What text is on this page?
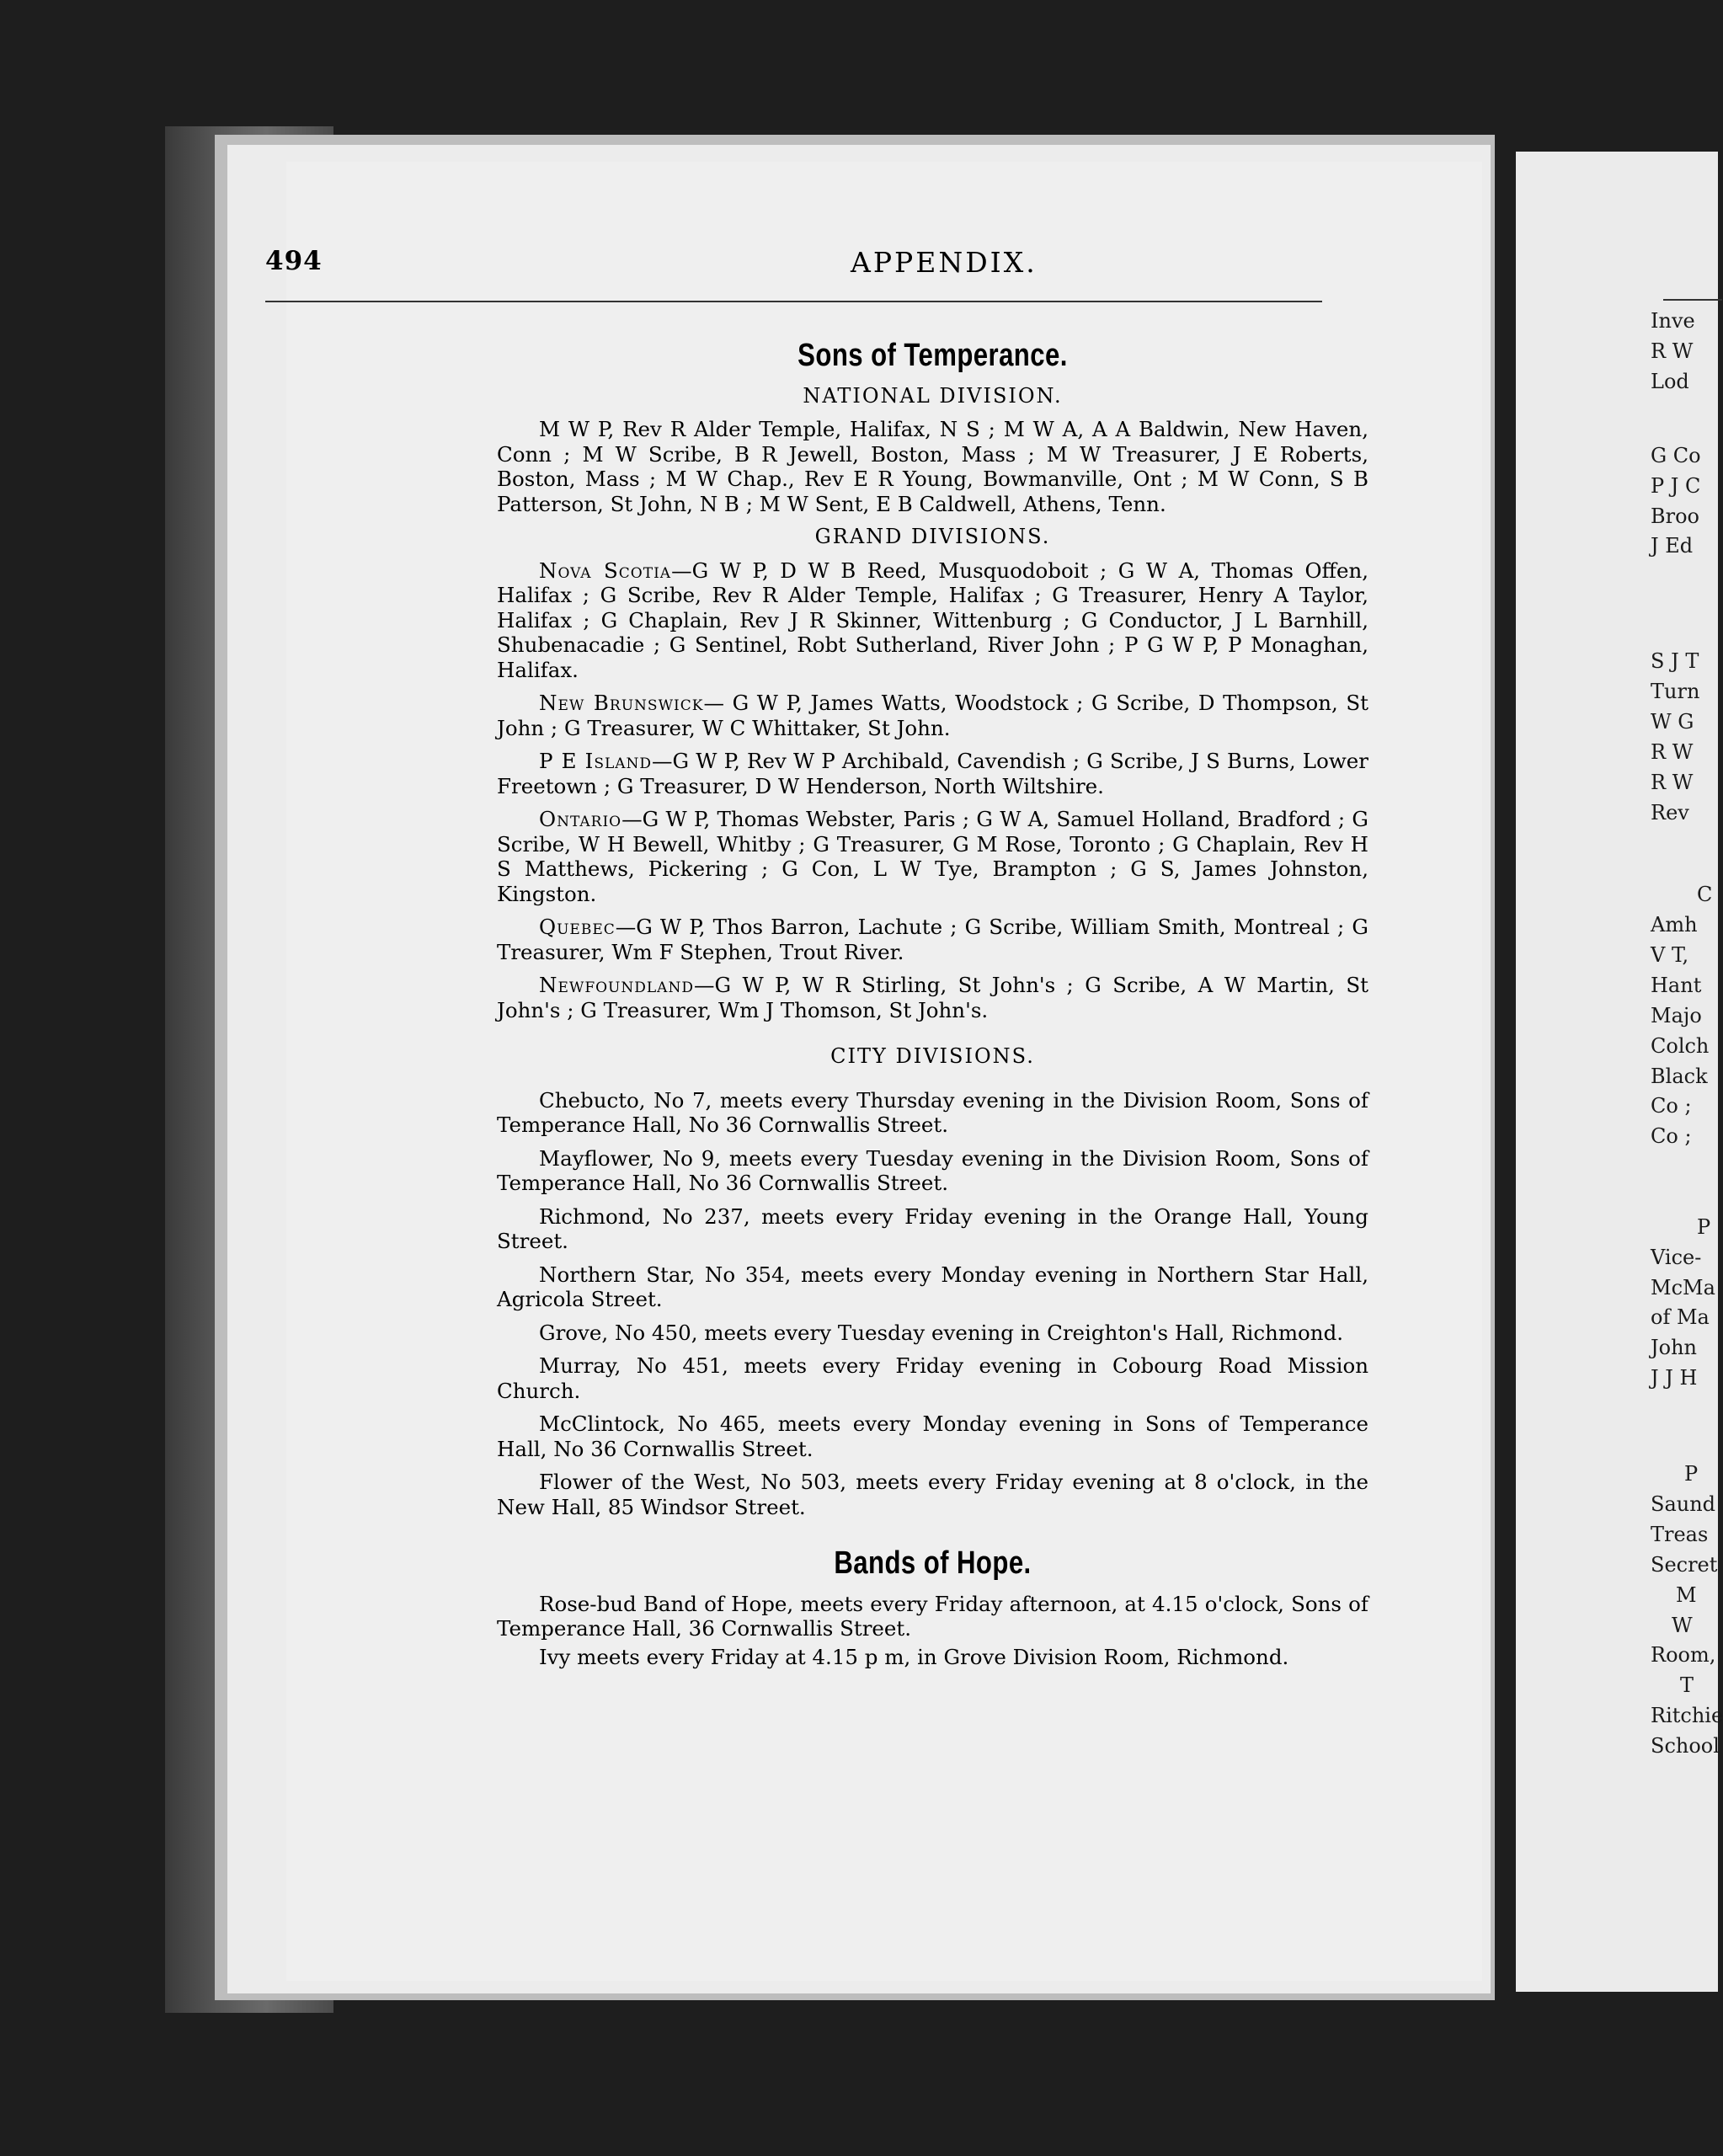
Inve
R W
Lod
G Co
P J C
Broo
J Ed
S J T
Turn
W G
R W
R W
Rev
C
Amh
V T,
Hant
Majo
Colch
Black
Co ;
Co ;
P
Vice-
McMa
of Ma
John
J J H
P
Saund
Treas
Secret
M
W
Room,
T
Ritchie
School
494	APPENDIX.
Sons of Temperance.
NATIONAL DIVISION.

M W P, Rev R Alder Temple, Halifax, N S ; M W A, A A Baldwin, New Haven, Conn ; M W Scribe, B R Jewell, Boston, Mass ; M W Treasurer, J E Roberts, Boston, Mass ; M W Chap., Rev E R Young, Bowmanville, Ont ; M W Conn, S B Patterson, St John, N B ; M W Sent, E B Caldwell, Athens, Tenn.

GRAND DIVISIONS.

Nova Scotia—G W P, D W B Reed, Musquodoboit ; G W A, Thomas Offen, Halifax ; G Scribe, Rev R Alder Temple, Halifax ; G Treasurer, Henry A Taylor, Halifax ; G Chaplain, Rev J R Skinner, Wittenburg ; G Conductor, J L Barnhill, Shubenacadie ; G Sentinel, Robt Sutherland, River John ; P G W P, P Monaghan, Halifax.

New Brunswick— G W P, James Watts, Woodstock ; G Scribe, D Thompson, St John ; G Treasurer, W C Whittaker, St John.

P E Island—G W P, Rev W P Archibald, Cavendish ; G Scribe, J S Burns, Lower Freetown ; G Treasurer, D W Henderson, North Wiltshire.

Ontario—G W P, Thomas Webster, Paris ; G W A, Samuel Holland, Bradford ; G Scribe, W H Bewell, Whitby ; G Treasurer, G M Rose, Toronto ; G Chaplain, Rev H S Matthews, Pickering ; G Con, L W Tye, Brampton ; G S, James Johnston, Kingston.

Quebec—G W P, Thos Barron, Lachute ; G Scribe, William Smith, Montreal ; G Treasurer, Wm F Stephen, Trout River.

Newfoundland—G W P, W R Stirling, St John's ; G Scribe, A W Martin, St John's ; G Treasurer, Wm J Thomson, St John's.

CITY DIVISIONS.

Chebucto, No 7, meets every Thursday evening in the Division Room, Sons of Temperance Hall, No 36 Cornwallis Street.

Mayflower, No 9, meets every Tuesday evening in the Division Room, Sons of Temperance Hall, No 36 Cornwallis Street.

Richmond, No 237, meets every Friday evening in the Orange Hall, Young Street.

Northern Star, No 354, meets every Monday evening in Northern Star Hall, Agricola Street.

Grove, No 450, meets every Tuesday evening in Creighton's Hall, Richmond.

Murray, No 451, meets every Friday evening in Cobourg Road Mission Church.

McClintock, No 465, meets every Monday evening in Sons of Temperance Hall, No 36 Cornwallis Street.

Flower of the West, No 503, meets every Friday evening at 8 o'clock, in the New Hall, 85 Windsor Street.

Bands of Hope.

Rose-bud Band of Hope, meets every Friday afternoon, at 4.15 o'clock, Sons of Temperance Hall, 36 Cornwallis Street.

Ivy meets every Friday at 4.15 p m, in Grove Division Room, Richmond.
